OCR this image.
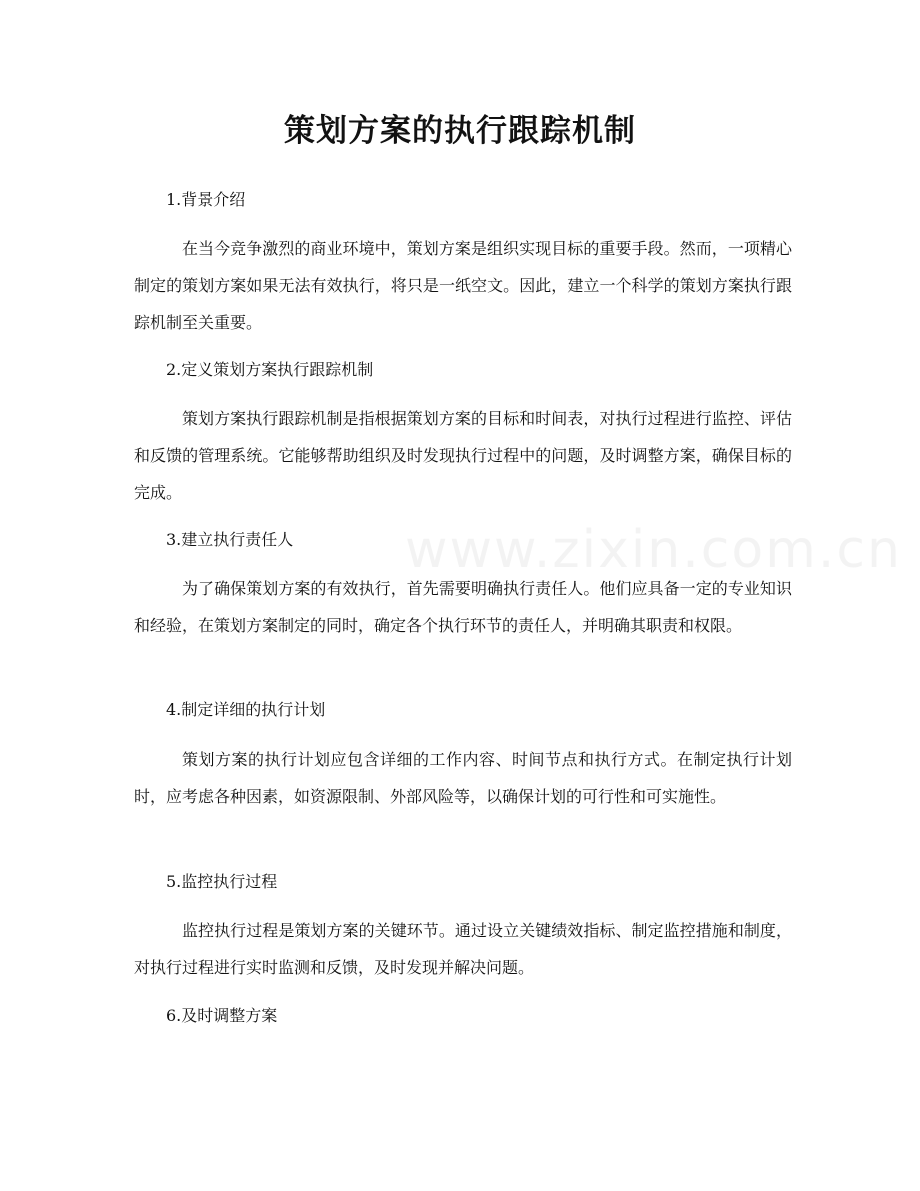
www.zixin.com.cn
策划方案的执行跟踪机制
1.背景介绍
在当今竞争激烈的商业环境中，策划方案是组织实现目标的重要手段。然而，一项精心制定的策划方案如果无法有效执行，将只是一纸空文。因此，建立一个科学的策划方案执行跟踪机制至关重要。
2.定义策划方案执行跟踪机制
策划方案执行跟踪机制是指根据策划方案的目标和时间表，对执行过程进行监控、评估和反馈的管理系统。它能够帮助组织及时发现执行过程中的问题，及时调整方案，确保目标的完成。
3.建立执行责任人
为了确保策划方案的有效执行，首先需要明确执行责任人。他们应具备一定的专业知识和经验，在策划方案制定的同时，确定各个执行环节的责任人，并明确其职责和权限。
4.制定详细的执行计划
策划方案的执行计划应包含详细的工作内容、时间节点和执行方式。在制定执行计划时，应考虑各种因素，如资源限制、外部风险等，以确保计划的可行性和可实施性。
5.监控执行过程
监控执行过程是策划方案的关键环节。通过设立关键绩效指标、制定监控措施和制度，对执行过程进行实时监测和反馈，及时发现并解决问题。
6.及时调整方案
